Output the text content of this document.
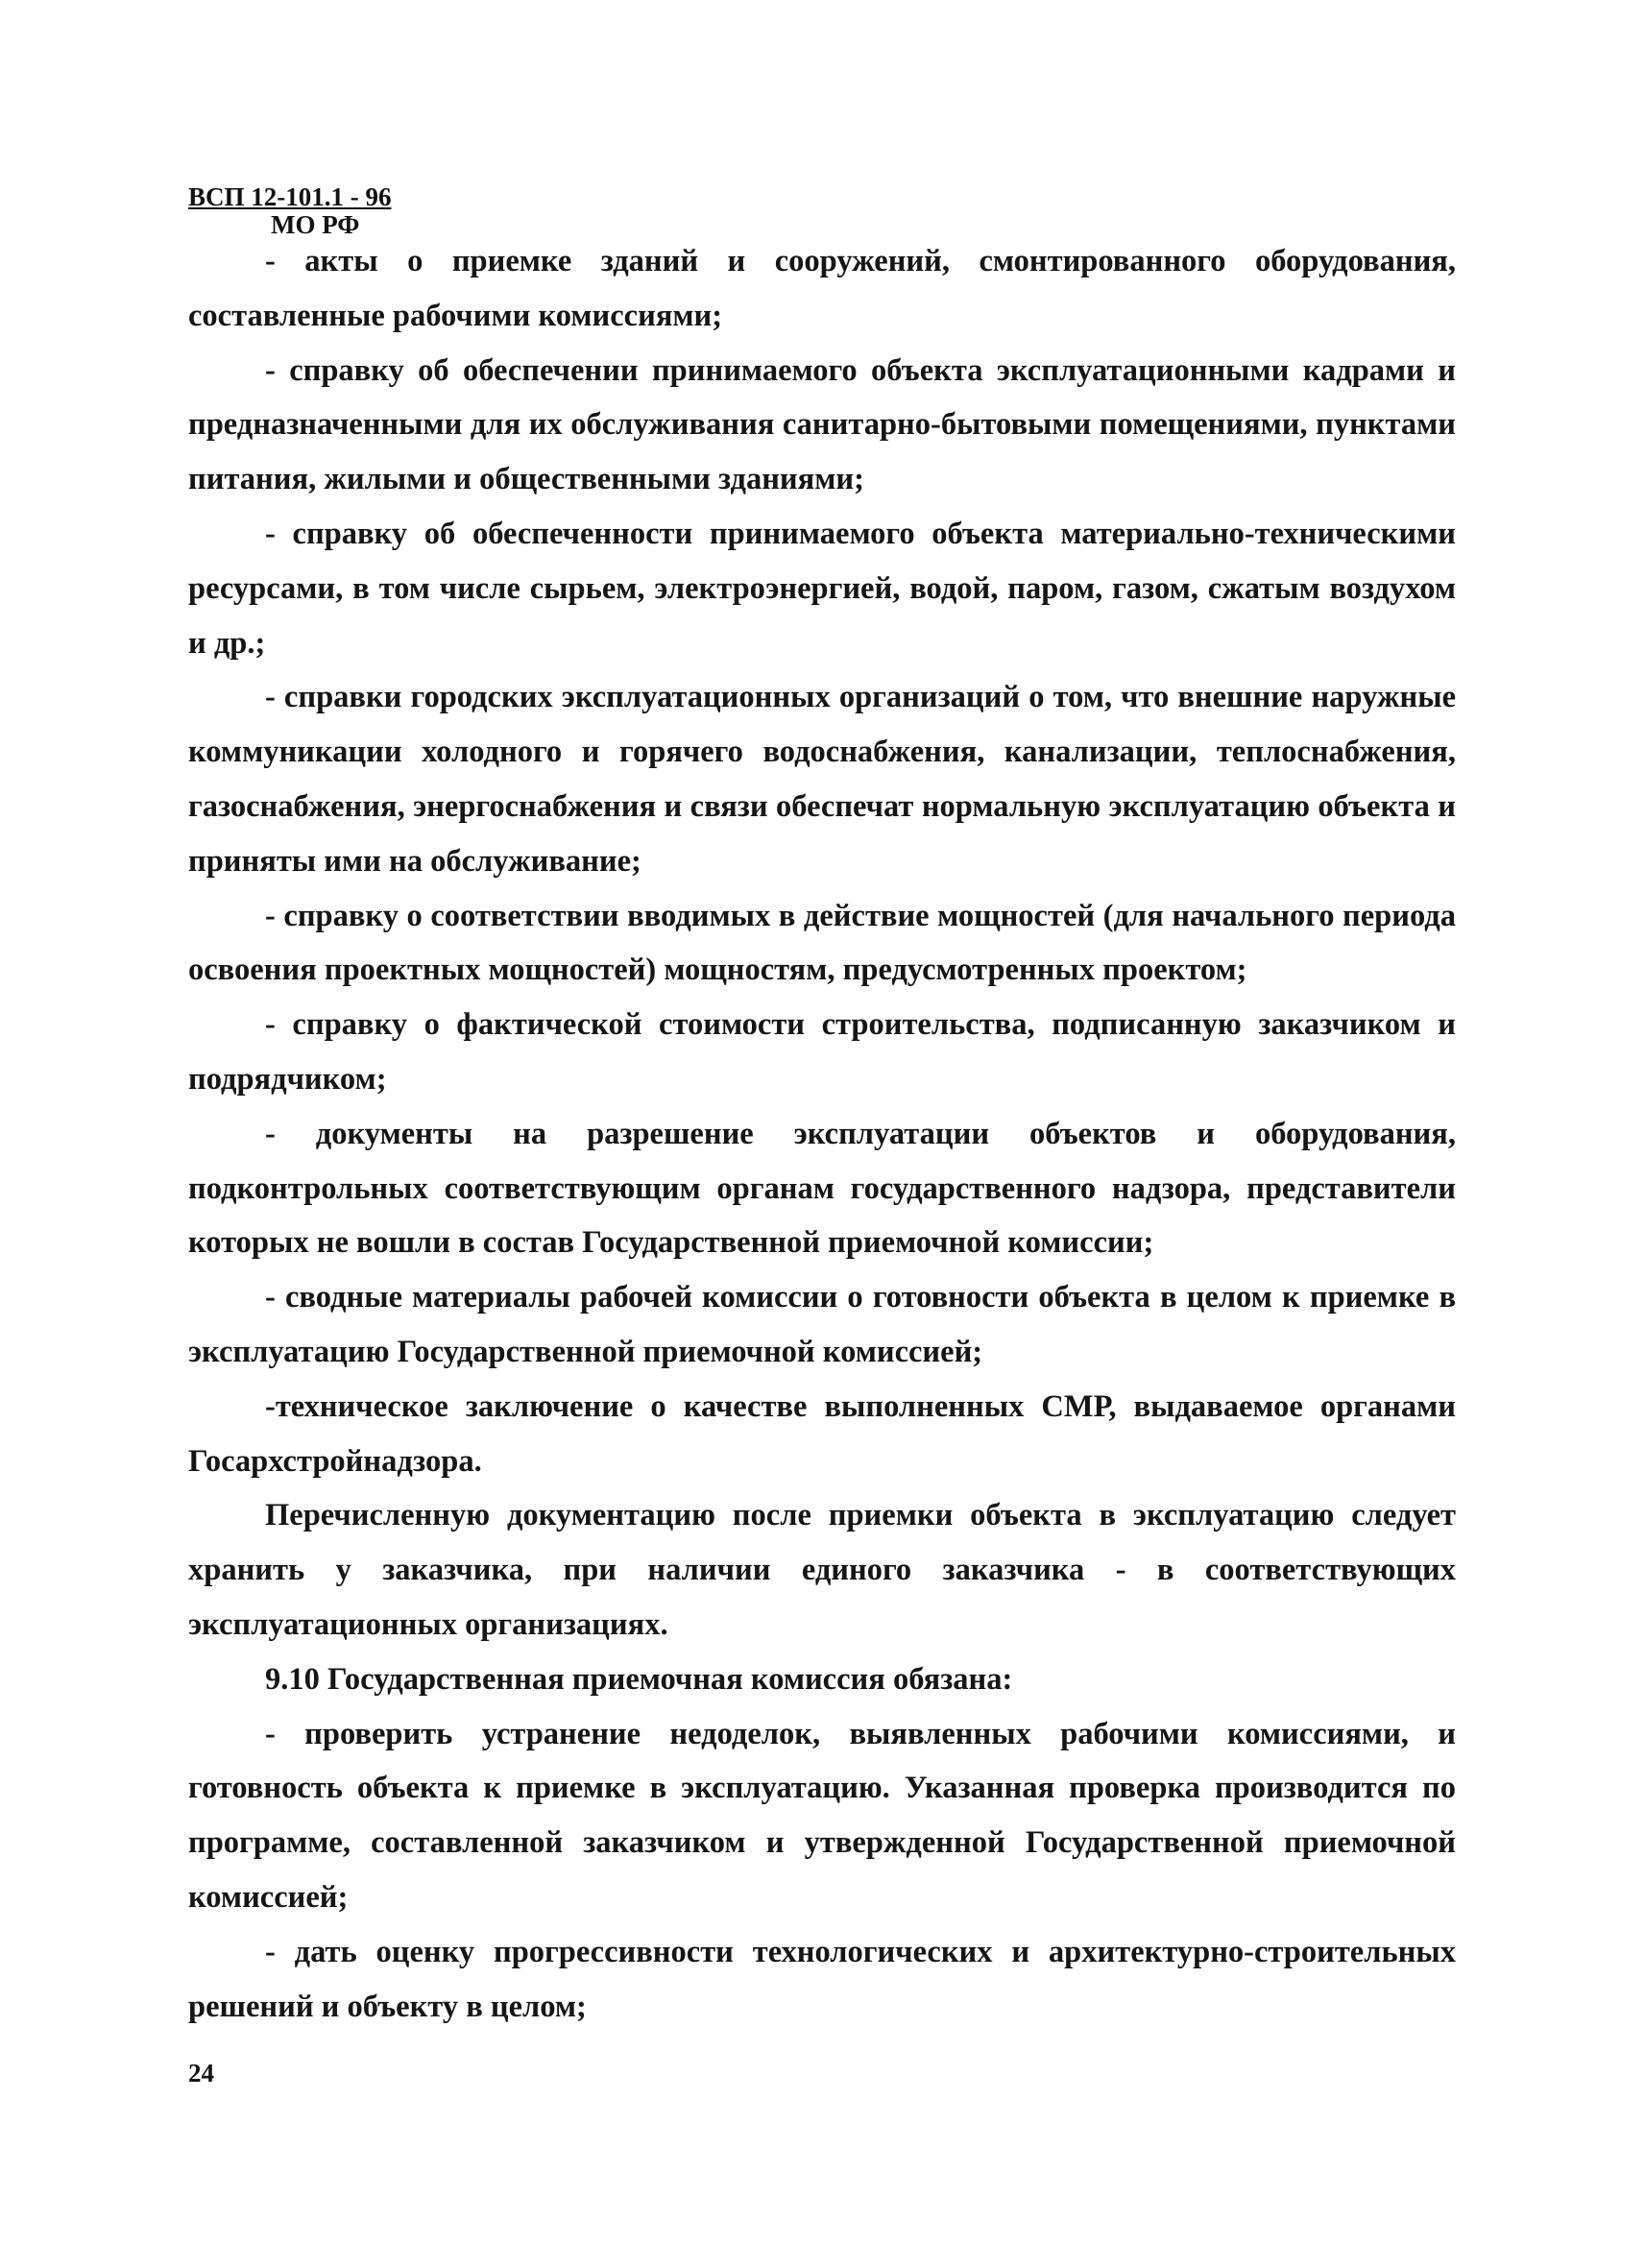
ВСП 12-101.1 - 96
МО РФ

- акты о приемке зданий и сооружений, смонтированного оборудования, составленные рабочими комиссиями;

- справку об обеспечении принимаемого объекта эксплуатационными кадрами и предназначенными для их обслуживания санитарно-бытовыми помещениями, пунктами питания, жилыми и общественными зданиями;

- справку об обеспеченности принимаемого объекта материально-техническими ресурсами, в том числе сырьем, электроэнергией, водой, паром, газом, сжатым воздухом и др.;

- справки городских эксплуатационных организаций о том, что внешние наружные коммуникации холодного и горячего водоснабжения, канализации, теплоснабжения, газоснабжения, энергоснабжения и связи обеспечат нормальную эксплуатацию объекта и приняты ими на обслуживание;

- справку о соответствии вводимых в действие мощностей (для начального периода освоения проектных мощностей) мощностям, предусмотренных проектом;

- справку о фактической стоимости строительства, подписанную заказчиком и подрядчиком;

- документы на разрешение эксплуатации объектов и оборудования, подконтрольных соответствующим органам государственного надзора, представители которых не вошли в состав Государственной приемочной комиссии;

- сводные материалы рабочей комиссии о готовности объекта в целом к приемке в эксплуатацию Государственной приемочной комиссией;

-техническое заключение о качестве выполненных СМР, выдаваемое органами Госархстройнадзора.

Перечисленную документацию после приемки объекта в эксплуатацию следует хранить у заказчика, при наличии единого заказчика - в соответствующих эксплуатационных организациях.

9.10 Государственная приемочная комиссия обязана:

- проверить устранение недоделок, выявленных рабочими комиссиями, и готовность объекта к приемке в эксплуатацию. Указанная проверка производится по программе, составленной заказчиком и утвержденной Государственной приемочной комиссией;

- дать оценку прогрессивности технологических и архитектурно-строительных решений и объекту в целом;

24
